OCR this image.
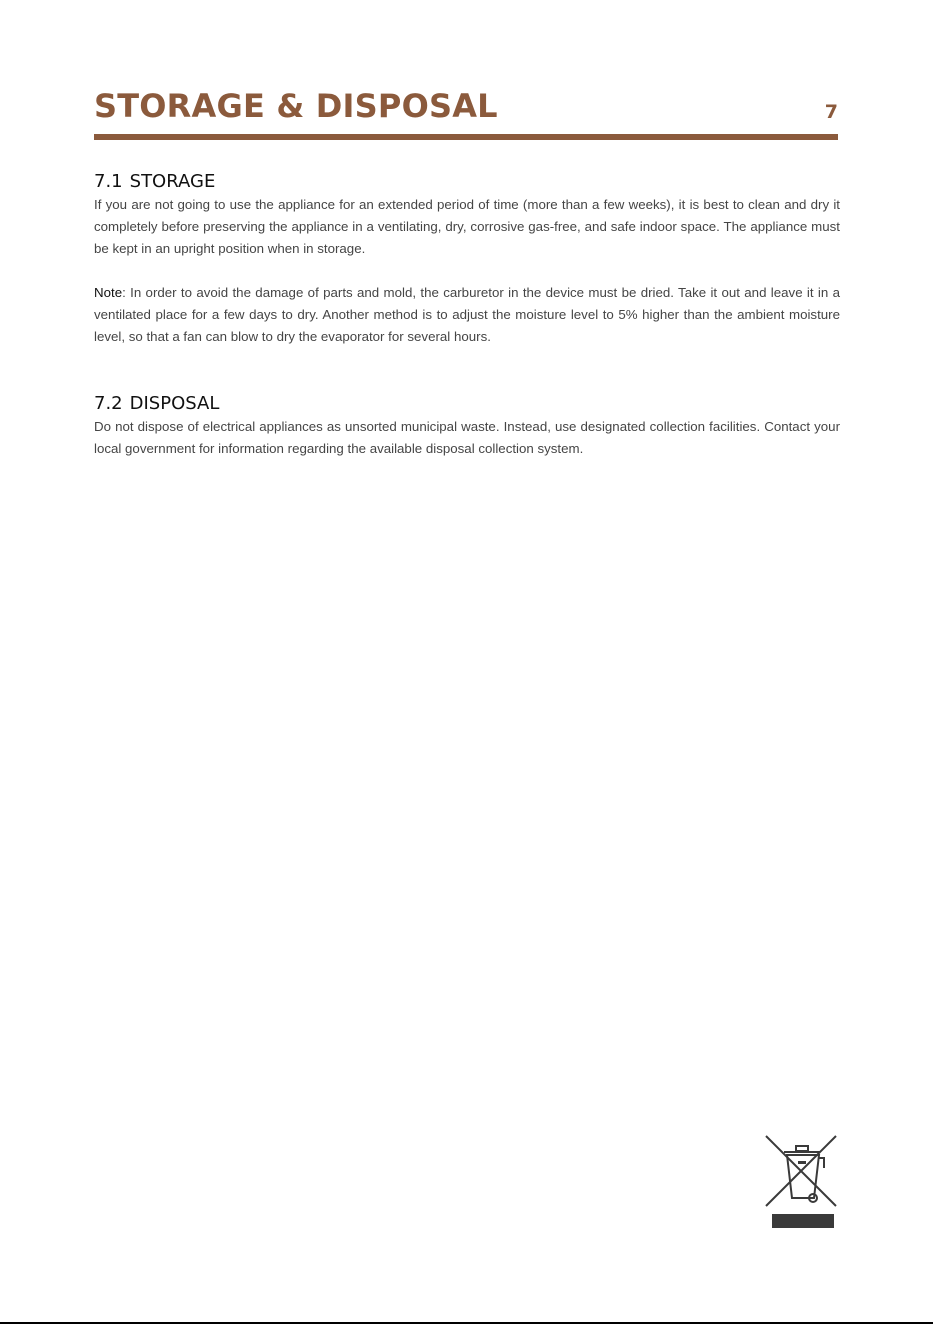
STORAGE & DISPOSAL	7
7.1 STORAGE

If you are not going to use the appliance for an extended period of time (more than a few weeks), it is best to clean and dry it completely before preserving the appliance in a ventilating, dry, corrosive gas-free, and safe indoor space. The appliance must be kept in an upright position when in storage.

Note: In order to avoid the damage of parts and mold, the carburetor in the device must be dried. Take it out and leave it in a ventilated place for a few days to dry. Another method is to adjust the moisture level to 5% higher than the ambient moisture level, so that a fan can blow to dry the evaporator for several hours.

7.2 DISPOSAL

Do not dispose of electrical appliances as unsorted municipal waste. Instead, use designated collection facilities. Contact your local government for information regarding the available disposal collection system.
